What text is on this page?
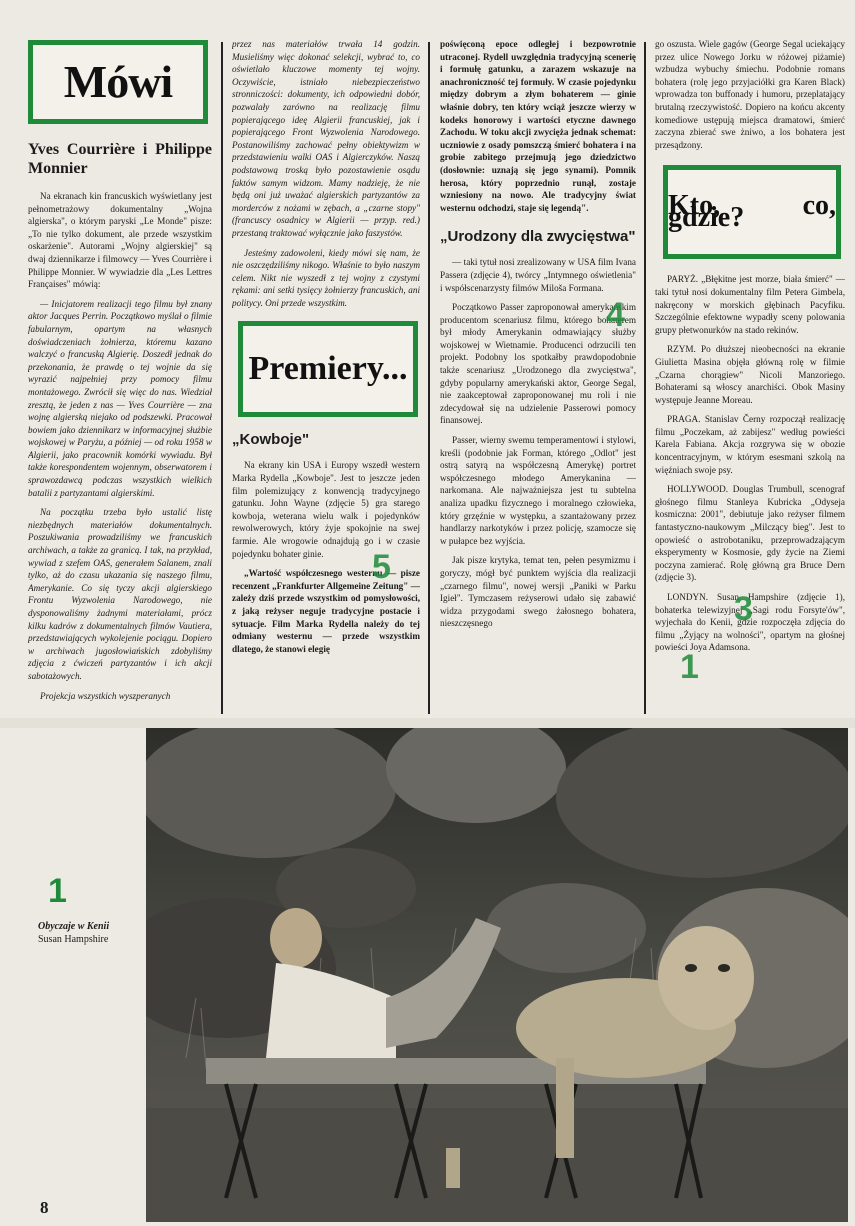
Mówi
Yves Courrière i Philippe Monnier

Na ekranach kin francuskich wyświetlany jest pełnometrażowy dokumentalny „Wojna algierska", o którym paryski „Le Monde" pisze: „To nie tylko dokument, ale przede wszystkim oskarżenie". Autorami „Wojny algierskiej" są dwaj dziennikarze i filmowcy — Yves Courrière i Philippe Monnier. W wywiadzie dla „Les Lettres Françaises" mówią:

— Inicjatorem realizacji tego filmu był znany aktor Jacques Perrin. Początkowo myślał o filmie fabularnym, opartym na własnych doświadczeniach żołnierza, któremu kazano walczyć o francuską Algierię. Doszedł jednak do przekonania, że prawdę o tej wojnie da się wyrazić najpełniej przy pomocy filmu montażowego. Zwrócił się więc do nas. Wiedział zresztą, że jeden z nas — Yves Courrière — zna wojnę algierską niejako od podszewki. Pracował bowiem jako dziennikarz w informacyjnej służbie wojskowej w Paryżu, a później — od roku 1958 w Algierii, jako pracownik komórki wywiadu. Był także korespondentem wojennym, obserwatorem i sprawozdawcą podczas wszystkich wielkich batalii z partyzantami algierskimi.

Na początku trzeba było ustalić listę niezbędnych materiałów dokumentalnych. Poszukiwania prowadziliśmy we francuskich archiwach, a także za granicą. I tak, na przykład, wywiad z szefem OAS, generałem Salanem, znali tylko, aż do czasu ukazania się naszego filmu, Amerykanie. Co się tyczy akcji algierskiego Frontu Wyzwolenia Narodowego, nie dysponowaliśmy żadnymi materiałami, prócz kilku kadrów z dokumentalnych filmów Vautiera, przedstawiających wykolejenie pociągu. Dopiero w archiwach jugosłowiańskich zdobyliśmy zdjęcia z ćwiczeń partyzantów i ich akcji sabotażowych.

Projekcja wszystkich wyszperanych

przez nas materiałów trwała 14 godzin. Musieliśmy więc dokonać selekcji, wybrać to, co oświetlało kluczowe momenty tej wojny. Oczywiście, istniało niebezpieczeństwo stronniczości: dokumenty, ich odpowiedni dobór, pozwalały zarówno na realizację filmu popierającego ideę Algierii francuskiej, jak i popierającego Front Wyzwolenia Narodowego. Postanowiliśmy zachować pełny obiektywizm w przedstawieniu walki OAS i Algierczyków. Naszą podstawową troską było pozostawienie osądu faktów samym widzom. Mamy nadzieję, że nie będą oni już uważać algierskich partyzantów za morderców z nożami w zębach, a „czarne stopy" (francuscy osadnicy w Algierii — przyp. red.) przestaną traktować wyłącznie jako faszystów.

Jesteśmy zadowoleni, kiedy mówi się nam, że nie oszczędziliśmy nikogo. Właśnie to było naszym celem. Nikt nie wyszedł z tej wojny z czystymi rękami: ani setki tysięcy żołnierzy francuskich, ani politycy. Oni przede wszystkim.

Premiery...
„Kowboje"

Na ekrany kin USA i Europy wszedł western Marka Rydella „Kowboje". Jest to jeszcze jeden film polemizujący z konwencją tradycyjnego gatunku. John Wayne (zdjęcie 5) gra starego kowboja, weterana wielu walk i pojedynków rewolwerowych, który żyje spokojnie na swej farmie. Ale wrogowie odnajdują go i w czasie pojedynku bohater ginie.

„Wartość współczesnego westernu — pisze recenzent „Frankfurter Allgemeine Zeitung" — zależy dziś przede wszystkim od pomysłowości, z jaką reżyser neguje tradycyjne postacie i sytuacje. Film Marka Rydella należy do tej odmiany westernu — przede wszystkim dlatego, że stanowi elegię

poświęconą epoce odległej i bezpowrotnie utraconej. Rydell uwzględnia tradycyjną scenerię i formułę gatunku, a zarazem wskazuje na anachroniczność tej formuły. W czasie pojedynku między dobrym a złym bohaterem — ginie właśnie dobry, ten który wciąż jeszcze wierzy w kodeks honorowy i wartości etyczne dawnego Zachodu. W toku akcji zwycięża jednak schemat: uczniowie z osady pomszczą śmierć bohatera i na grobie zabitego przejmują jego dziedzictwo (dosłownie: uznają się jego synami). Pomnik herosa, który poprzednio runął, zostaje wzniesiony na nowo. Ale tradycyjny świat westernu odchodzi, staje się legendą".

„Urodzony dla zwycięstwa"

— taki tytuł nosi zrealizowany w USA film Ivana Passera (zdjęcie 4), twórcy „Intymnego oświetlenia" i współscenarzysty filmów Miloša Formana.

Początkowo Passer zaproponował amerykańskim producentom scenariusz filmu, którego bohaterem był młody Amerykanin odmawiający służby wojskowej w Wietnamie. Producenci odrzucili ten projekt. Podobny los spotkałby prawdopodobnie także scenariusz „Urodzonego dla zwycięstwa", gdyby popularny amerykański aktor, George Segal, nie zaakceptował zaproponowanej mu roli i nie zdecydował się na udzielenie Passerowi pomocy finansowej.

Passer, wierny swemu temperamentowi i stylowi, kreśli (podobnie jak Forman, którego „Odlot" jest ostrą satyrą na współczesną Amerykę) portret współczesnego młodego Amerykanina — narkomana. Ale najważniejsza jest tu subtelna analiza upadku fizycznego i moralnego człowieka, który grzęźnie w występku, a szantażowany przez handlarzy narkotyków i przez policję, szamocze się w pułapce bez wyjścia.

Jak pisze krytyka, temat ten, pełen pesymizmu i goryczy, mógł być punktem wyjścia dla realizacji „czarnego filmu", nowej wersji „Paniki w Parku Igieł". Tymczasem reżyserowi udało się zabawić widza przygodami swego żałosnego bohatera, nieszczęsnego

go oszusta. Wiele gagów (George Segal uciekający przez ulice Nowego Jorku w różowej piżamie) wzbudza wybuchy śmiechu. Podobnie romans bohatera (rolę jego przyjaciółki gra Karen Black) wprowadza ton buffonady i humoru, przeplatający brutalną rzeczywistość. Dopiero na końcu akcenty komediowe ustępują miejsca dramatowi, śmierć zaczyna zbierać swe żniwo, a los bohatera jest przesądzony.

Kto, co, gdzie?

PARYŻ. „Błękitne jest morze, biała śmierć" — taki tytuł nosi dokumentalny film Petera Gimbela, nakręcony w morskich głębinach Pacyfiku. Szczególnie efektowne wypadły sceny polowania grupy płetwonurków na stado rekinów.

RZYM. Po dłuższej nieobecności na ekranie Giulietta Masina objęła główną rolę w filmie „Czarna chorągiew" Nicoli Manzoriego. Bohaterami są włoscy anarchiści. Obok Masiny występuje Jeanne Moreau.

PRAGA. Stanislav Černy rozpoczął realizację filmu „Poczekam, aż zabijesz" według powieści Karela Fabiana. Akcja rozgrywa się w obozie koncentracyjnym, w którym esesmani szkolą na więźniach swoje psy.

HOLLYWOOD. Douglas Trumbull, scenograf głośnego filmu Stanleya Kubricka „Odyseja kosmiczna: 2001", debiutuje jako reżyser filmem fantastyczno-naukowym „Milczący bieg". Jest to opowieść o astrobotaniku, przeprowadzającym eksperymenty w Kosmosie, gdy życie na Ziemi poczyna zamierać. Rolę główną gra Bruce Dern (zdjęcie 3).

LONDYN. Susan Hampshire (zdjęcie 1), bohaterka telewizyjnej „Sagi rodu Forsyte'ów", wyjechała do Kenii, gdzie rozpoczęła zdjęcia do filmu „Żyjący na wolności", opartym na głośnej powieści Joya Adamsona.

5
4
3
1
1
Obyczaje w Kenii
Susan Hampshire
8
